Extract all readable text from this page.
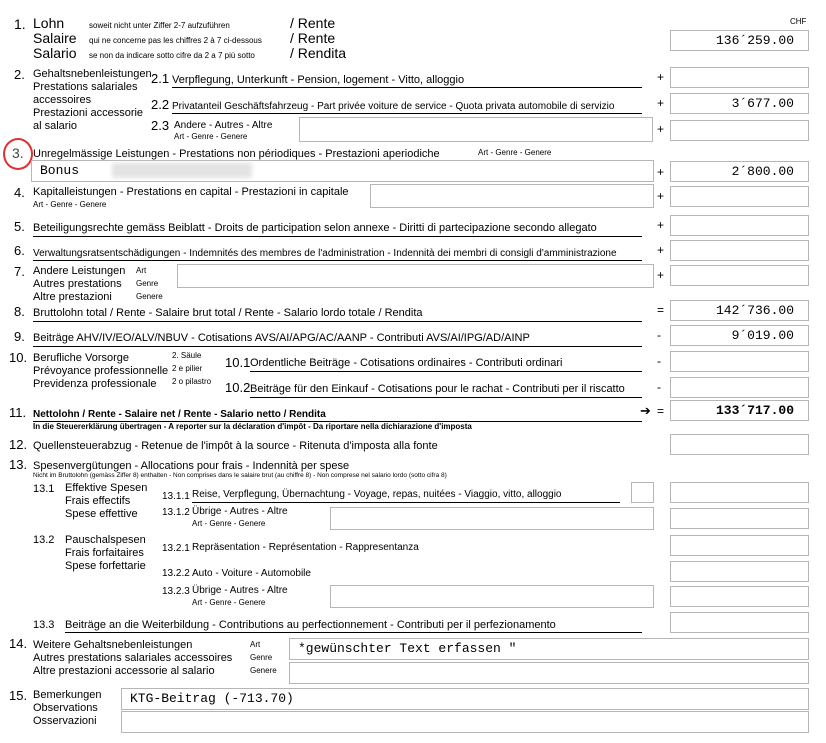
CHF
1. Lohn	soweit nicht unter Ziffer 2-7 aufzuführen	/ Rente
Salaire qui ne concerne pas les chiffres 2 à 7 ci-dessous / Rente
Salario se non da indicare sotto cifre da 2 a 7 più sotto	/ Rendita
136´259.00
2. Gehaltsnebenleistungen
Prestations salariales
accessoires
Prestazioni accessorie
al salario
2.1 Verpflegung, Unterkunft - Pension, logement - Vitto, alloggio	+
2.2 Privatanteil Geschäftsfahrzeug - Part privée voiture de service - Quota privata automobile di servizio	+	3´677.00
2.3 Andere - Autres - Altre
Art - Genre - Genere
+
3. Unregelmässige Leistungen - Prestations non périodiques - Prestazioni aperiodiche	Art - Genre - Genere
Bonus	+	2´800.00
4. Kapitalleistungen - Prestations en capital - Prestazioni in capitale
Art - Genre - Genere
+
5. Beteiligungsrechte gemäss Beiblatt - Droits de participation selon annexe - Diritti di partecipazione secondo allegato	+
6. Verwaltungsratsentschädigungen - Indemnités des membres de l'administration - Indennità dei membri di consigli d'amministrazione	+
7. Andere Leistungen
Autres prestations
Altre prestazioni
Art
Genre
Genere
+
8. Bruttolohn total / Rente - Salaire brut total / Rente - Salario lordo totale / Rendita	=	142´736.00
9. Beiträge AHV/IV/EO/ALV/NBUV - Cotisations AVS/AI/APG/AC/AANP - Contributi AVS/AI/IPG/AD/AINP	-	9´019.00
10. Berufliche Vorsorge
Prévoyance professionnelle
Previdenza professionale
2. Säule
2 e pilier
2 o pilastro
10.1 Ordentliche Beiträge - Cotisations ordinaires - Contributi ordinari	-
10.2 Beiträge für den Einkauf - Cotisations pour le rachat - Contributi per il riscatto	-
11. Nettolohn / Rente - Salaire net / Rente - Salario netto / Rendita
In die Steuererklärung übertragen - A reporter sur la déclaration d'impôt - Da riportare nella dichiarazione d'imposta
➔ =	133´717.00
12. Quellensteuerabzug - Retenue de l'impôt à la source - Ritenuta d'imposta alla fonte
13. Spesenvergütungen - Allocations pour frais - Indennità per spese
Nicht im Bruttolohn (gemäss Ziffer 8) enthalten - Non comprises dans le salaire brut (au chiffre 8) - Non comprese nel salario lordo (sotto cifra 8)
13.1 Effektive Spesen
Frais effectifs
Spese effettive
13.1.1 Reise, Verpflegung, Übernachtung - Voyage, repas, nuitées - Viaggio, vitto, alloggio
13.1.2 Übrige - Autres - Altre
Art - Genre - Genere
13.2 Pauschalspesen
Frais forfaitaires
Spese forfettarie
13.2.1 Repräsentation - Représentation - Rappresentanza
13.2.2 Auto - Voiture - Automobile
13.2.3 Übrige - Autres - Altre
Art - Genre - Genere
13.3 Beiträge an die Weiterbildung - Contributions au perfectionnement - Contributi per il perfezionamento
14. Weitere Gehaltsnebenleistungen
Autres prestations salariales accessoires
Altre prestazioni accessorie al salario
Art
Genre
Genere
*gewünschter Text erfassen "
15. Bemerkungen
Observations
Osservazioni
KTG-Beitrag (-713.70)
